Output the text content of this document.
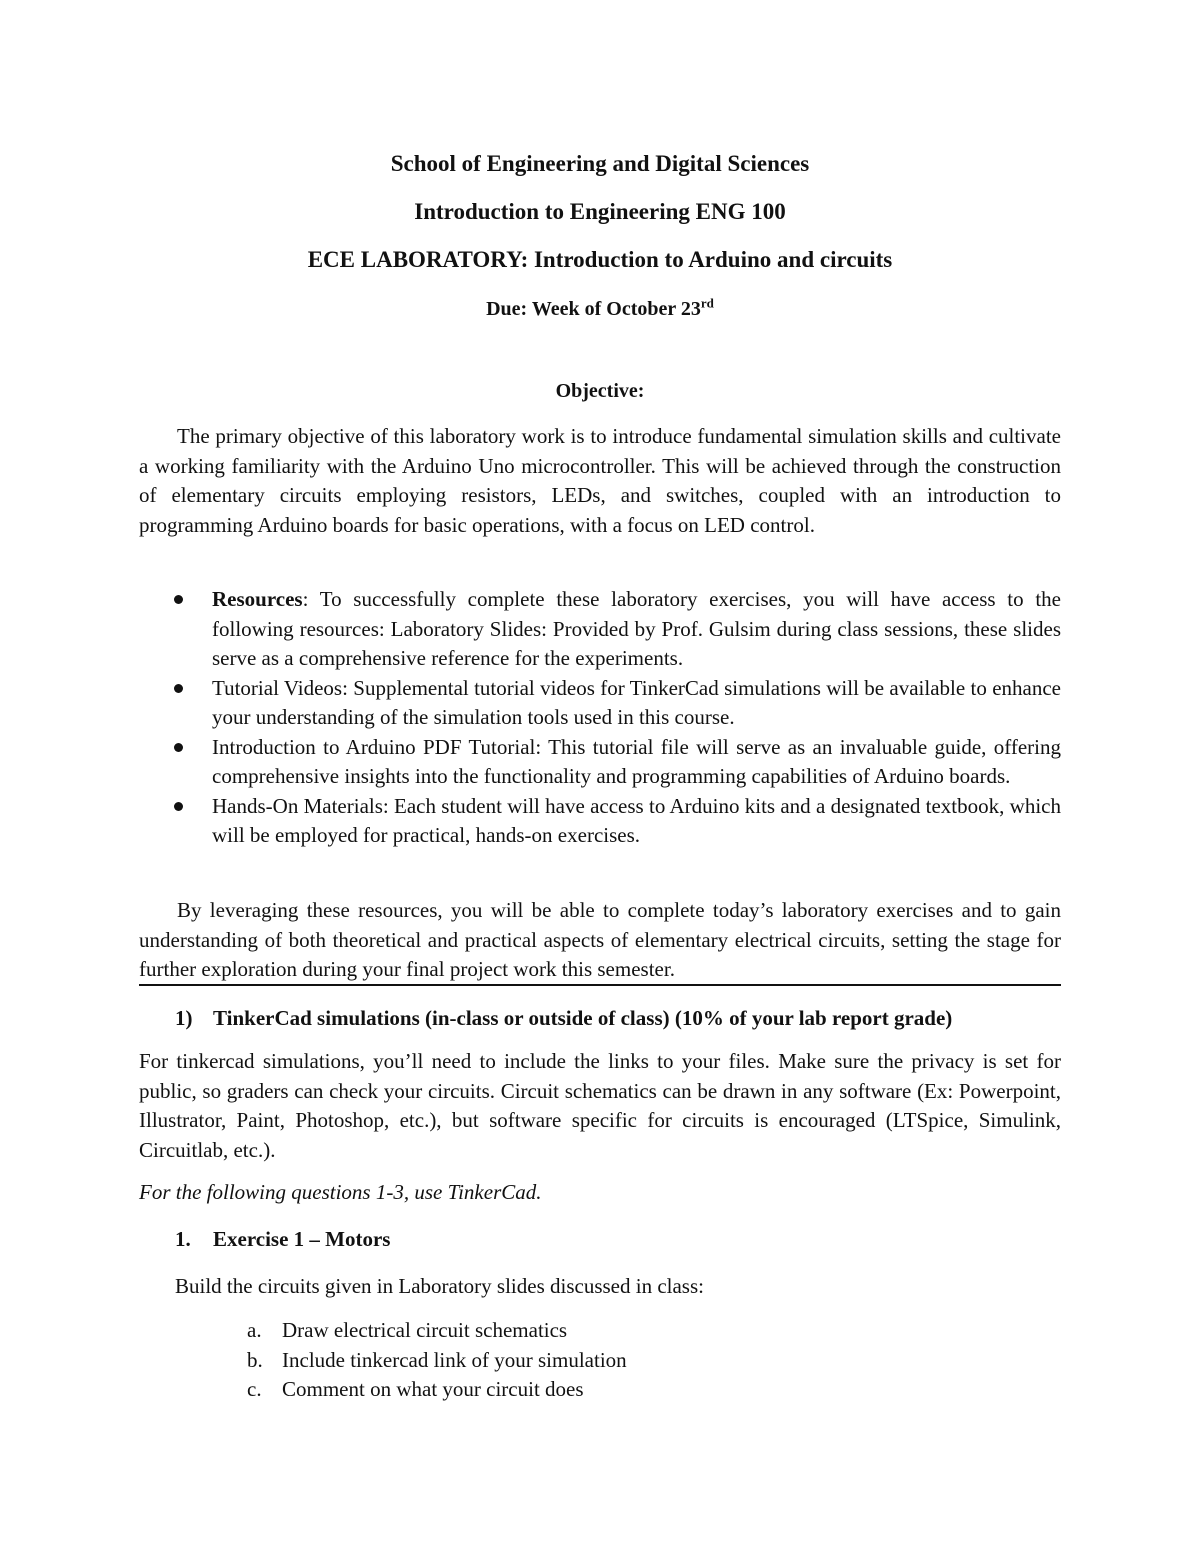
School of Engineering and Digital Sciences

Introduction to Engineering ENG 100

ECE LABORATORY: Introduction to Arduino and circuits

Due: Week of October 23rd
Objective:

The primary objective of this laboratory work is to introduce fundamental simulation skills and cultivate a working familiarity with the Arduino Uno microcontroller. This will be achieved through the construction of elementary circuits employing resistors, LEDs, and switches, coupled with an introduction to programming Arduino boards for basic operations, with a focus on LED control.

Resources: To successfully complete these laboratory exercises, you will have access to the following resources: Laboratory Slides: Provided by Prof. Gulsim during class sessions, these slides serve as a comprehensive reference for the experiments.
Tutorial Videos: Supplemental tutorial videos for TinkerCad simulations will be available to enhance your understanding of the simulation tools used in this course.
Introduction to Arduino PDF Tutorial: This tutorial file will serve as an invaluable guide, offering comprehensive insights into the functionality and programming capabilities of Arduino boards.
Hands-On Materials: Each student will have access to Arduino kits and a designated textbook, which will be employed for practical, hands-on exercises.

By leveraging these resources, you will be able to complete today’s laboratory exercises and to gain understanding of both theoretical and practical aspects of elementary electrical circuits, setting the stage for further exploration during your final project work this semester.

1) TinkerCad simulations (in-class or outside of class) (10% of your lab report grade)

For tinkercad simulations, you’ll need to include the links to your files. Make sure the privacy is set for public, so graders can check your circuits. Circuit schematics can be drawn in any software (Ex: Powerpoint, Illustrator, Paint, Photoshop, etc.), but software specific for circuits is encouraged (LTSpice, Simulink, Circuitlab, etc.).

For the following questions 1-3, use TinkerCad.
1. Exercise 1 – Motors
Build the circuits given in Laboratory slides discussed in class:
a. Draw electrical circuit schematics
b. Include tinkercad link of your simulation
c. Comment on what your circuit does
